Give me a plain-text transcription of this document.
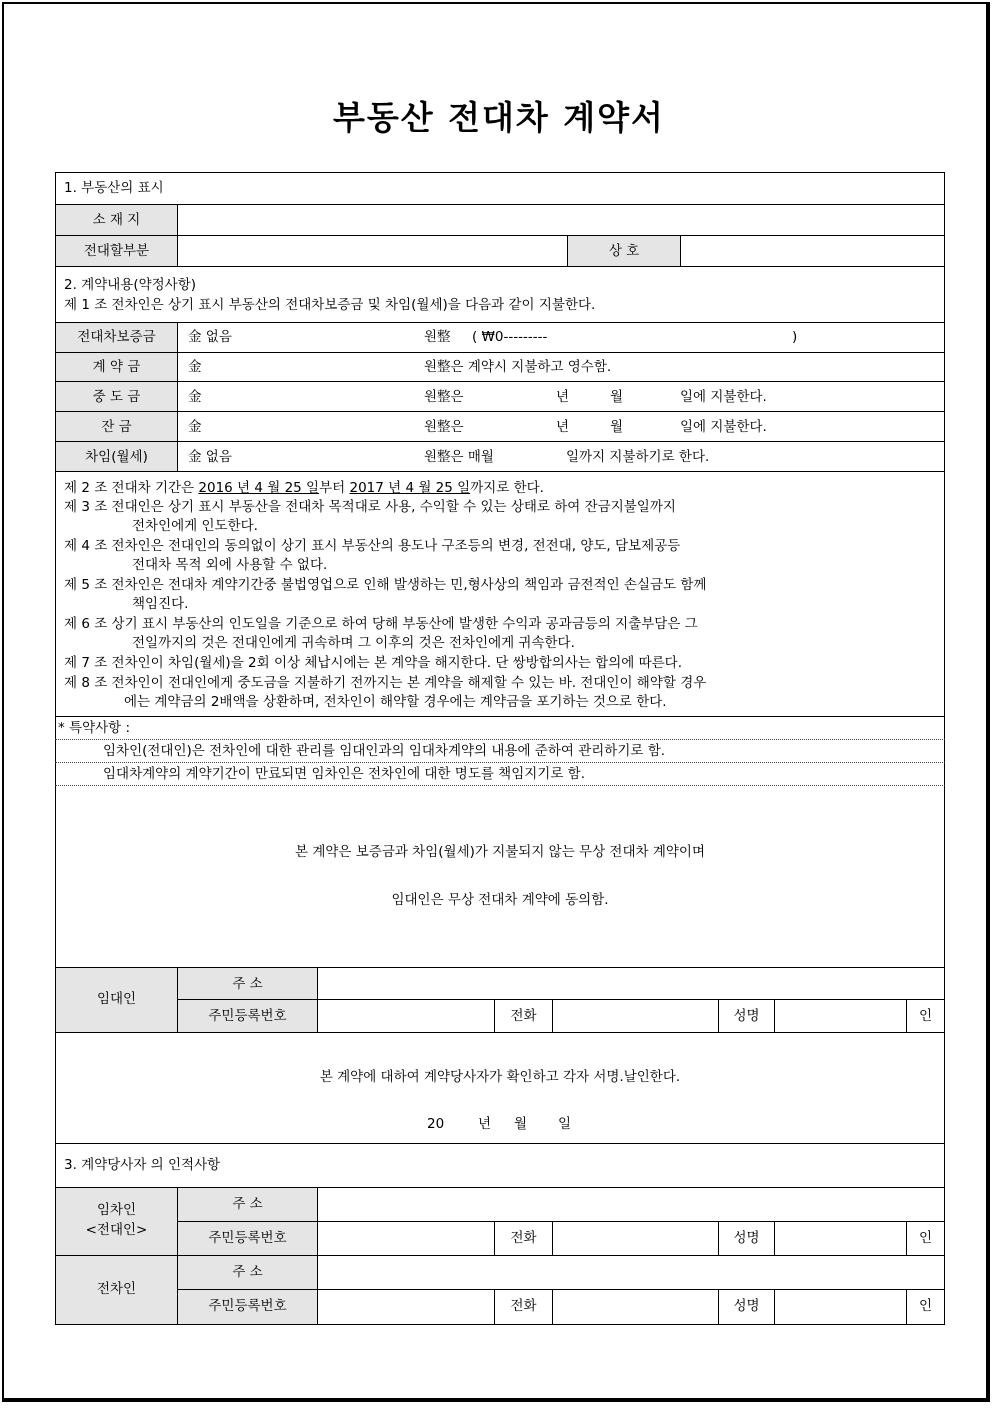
부동산 전대차 계약서
1. 부동산의 표시
소 재 지
전대할부분	상 호
2. 계약내용(약정사항)
제 1 조 전차인은 상기 표시 부동산의 전대차보증금 및 차임(월세)을 다음과 같이 지불한다.
전대차보증금	金 없음	원整 ( ₩0---------	)
계 약 금	金	원整은 계약시 지불하고 영수함.
중 도 금	金	원整은	년	월	일에 지불한다.
잔 금	金	원整은	년	월	일에 지불한다.
차임(월세)	金 없음	원整은 매월	일까지 지불하기로 한다.
제 2 조 전대차 기간은 2016 년 4 월 25 일부터 2017 년 4 월 25 일까지로 한다.
제 3 조 전대인은 상기 표시 부동산을 전대차 목적대로 사용, 수익할 수 있는 상태로 하여 잔금지불일까지
전차인에게 인도한다.
제 4 조 전차인은 전대인의 동의없이 상기 표시 부동산의 용도나 구조등의 변경, 전전대, 양도, 담보제공등
전대차 목적 외에 사용할 수 없다.
제 5 조 전차인은 전대차 계약기간중 불법영업으로 인해 발생하는 민,형사상의 책임과 금전적인 손실금도 함께
책임진다.
제 6 조 상기 표시 부동산의 인도일을 기준으로 하여 당해 부동산에 발생한 수익과 공과금등의 지출부담은 그
전일까지의 것은 전대인에게 귀속하며 그 이후의 것은 전차인에게 귀속한다.
제 7 조 전차인이 차임(월세)을 2회 이상 체납시에는 본 계약을 해지한다. 단 쌍방합의사는 합의에 따른다.
제 8 조 전차인이 전대인에게 중도금을 지불하기 전까지는 본 계약을 해제할 수 있는 바. 전대인이 해약할 경우
에는 계약금의 2배액을 상환하며, 전차인이 해약할 경우에는 계약금을 포기하는 것으로 한다.
* 특약사항 :
임차인(전대인)은 전차인에 대한 관리를 임대인과의 임대차계약의 내용에 준하여 관리하기로 함.
임대차계약의 계약기간이 만료되면 임차인은 전차인에 대한 명도를 책임지기로 함.
본 계약은 보증금과 차임(월세)가 지불되지 않는 무상 전대차 계약이며
임대인은 무상 전대차 계약에 동의함.
임대인
주 소
주민등록번호	전화	성명	인
본 계약에 대하여 계약당사자가 확인하고 각자 서명.날인한다.
20	년 월 일
3. 계약당사자 의 인적사항
임차인
<전대인>
주 소
주민등록번호	전화	성명	인
전차인
주 소
주민등록번호	전화	성명	인
